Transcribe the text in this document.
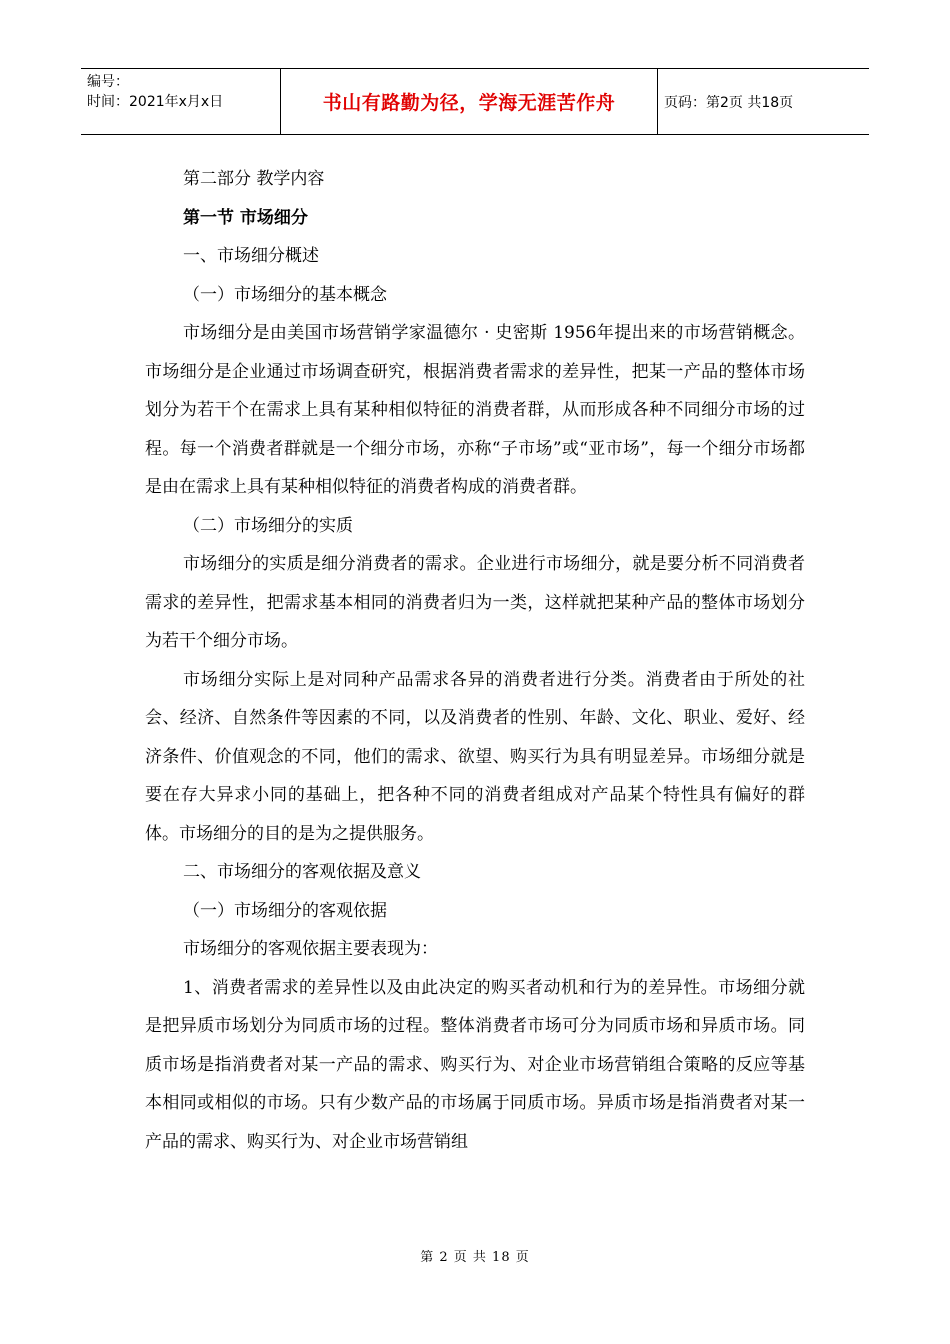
编号：
时间：2021年x月x日	书山有路勤为径，学海无涯苦作舟	页码：第2页 共18页

第二部分 教学内容

第一节 市场细分

一、市场细分概述

（一）市场细分的基本概念

市场细分是由美国市场营销学家温德尔 · 史密斯 1956年提出来的市场营销概念。市场细分是企业通过市场调查研究，根据消费者需求的差异性，把某一产品的整体市场划分为若干个在需求上具有某种相似特征的消费者群，从而形成各种不同细分市场的过程。每一个消费者群就是一个细分市场，亦称“子市场”或“亚市场”，每一个细分市场都是由在需求上具有某种相似特征的消费者构成的消费者群。

（二）市场细分的实质

市场细分的实质是细分消费者的需求。企业进行市场细分，就是要分析不同消费者需求的差异性，把需求基本相同的消费者归为一类，这样就把某种产品的整体市场划分为若干个细分市场。

市场细分实际上是对同种产品需求各异的消费者进行分类。消费者由于所处的社会、经济、自然条件等因素的不同，以及消费者的性别、年龄、文化、职业、爱好、经济条件、价值观念的不同，他们的需求、欲望、购买行为具有明显差异。市场细分就是要在存大异求小同的基础上，把各种不同的消费者组成对产品某个特性具有偏好的群体。市场细分的目的是为之提供服务。

二、市场细分的客观依据及意义

（一）市场细分的客观依据

市场细分的客观依据主要表现为：

1、消费者需求的差异性以及由此决定的购买者动机和行为的差异性。市场细分就是把异质市场划分为同质市场的过程。整体消费者市场可分为同质市场和异质市场。同质市场是指消费者对某一产品的需求、购买行为、对企业市场营销组合策略的反应等基本相同或相似的市场。只有少数产品的市场属于同质市场。异质市场是指消费者对某一产品的需求、购买行为、对企业市场营销组

第 2 页 共 18 页
